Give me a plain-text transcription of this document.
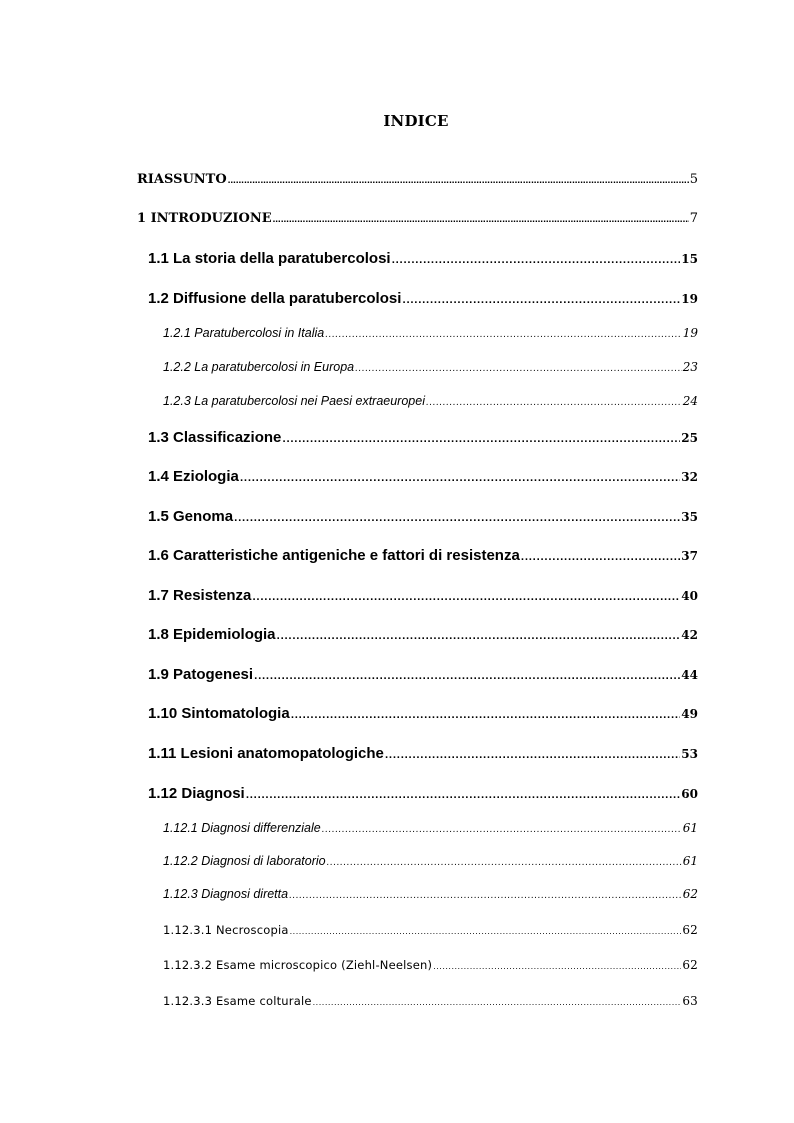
INDICE
RIASSUNTO ………………………………………………………………………………………………………………………………………………………………………………………………………………………………………………………………………………	5
1 INTRODUZIONE ………………………………………………………………………………………………………………………………………………………………………………………………………………………………………………………………………………	7
1.1 La storia della paratubercolosi .....	15
1.2 Diffusione della paratubercolosi .....	19
1.2.1 Paratubercolosi in Italia .....	19
1.2.2 La paratubercolosi in Europa .....	23
1.2.3 La paratubercolosi nei Paesi extraeuropei .....	24
1.3 Classificazione .....	25
1.4 Eziologia .....	32
1.5 Genoma .....	35
1.6 Caratteristiche antigeniche e fattori di resistenza .....	37
1.7 Resistenza .....	40
1.8 Epidemiologia .....	42
1.9 Patogenesi .....	44
1.10 Sintomatologia .....	49
1.11 Lesioni anatomopatologiche .....	53
1.12 Diagnosi .....	60
1.12.1 Diagnosi differenziale .....	61
1.12.2 Diagnosi di laboratorio .....	61
1.12.3 Diagnosi diretta .....	62
1.12.3.1 Necroscopia .....	62
1.12.3.2 Esame microscopico (Ziehl-Neelsen) .....	62
1.12.3.3 Esame colturale .....	63
